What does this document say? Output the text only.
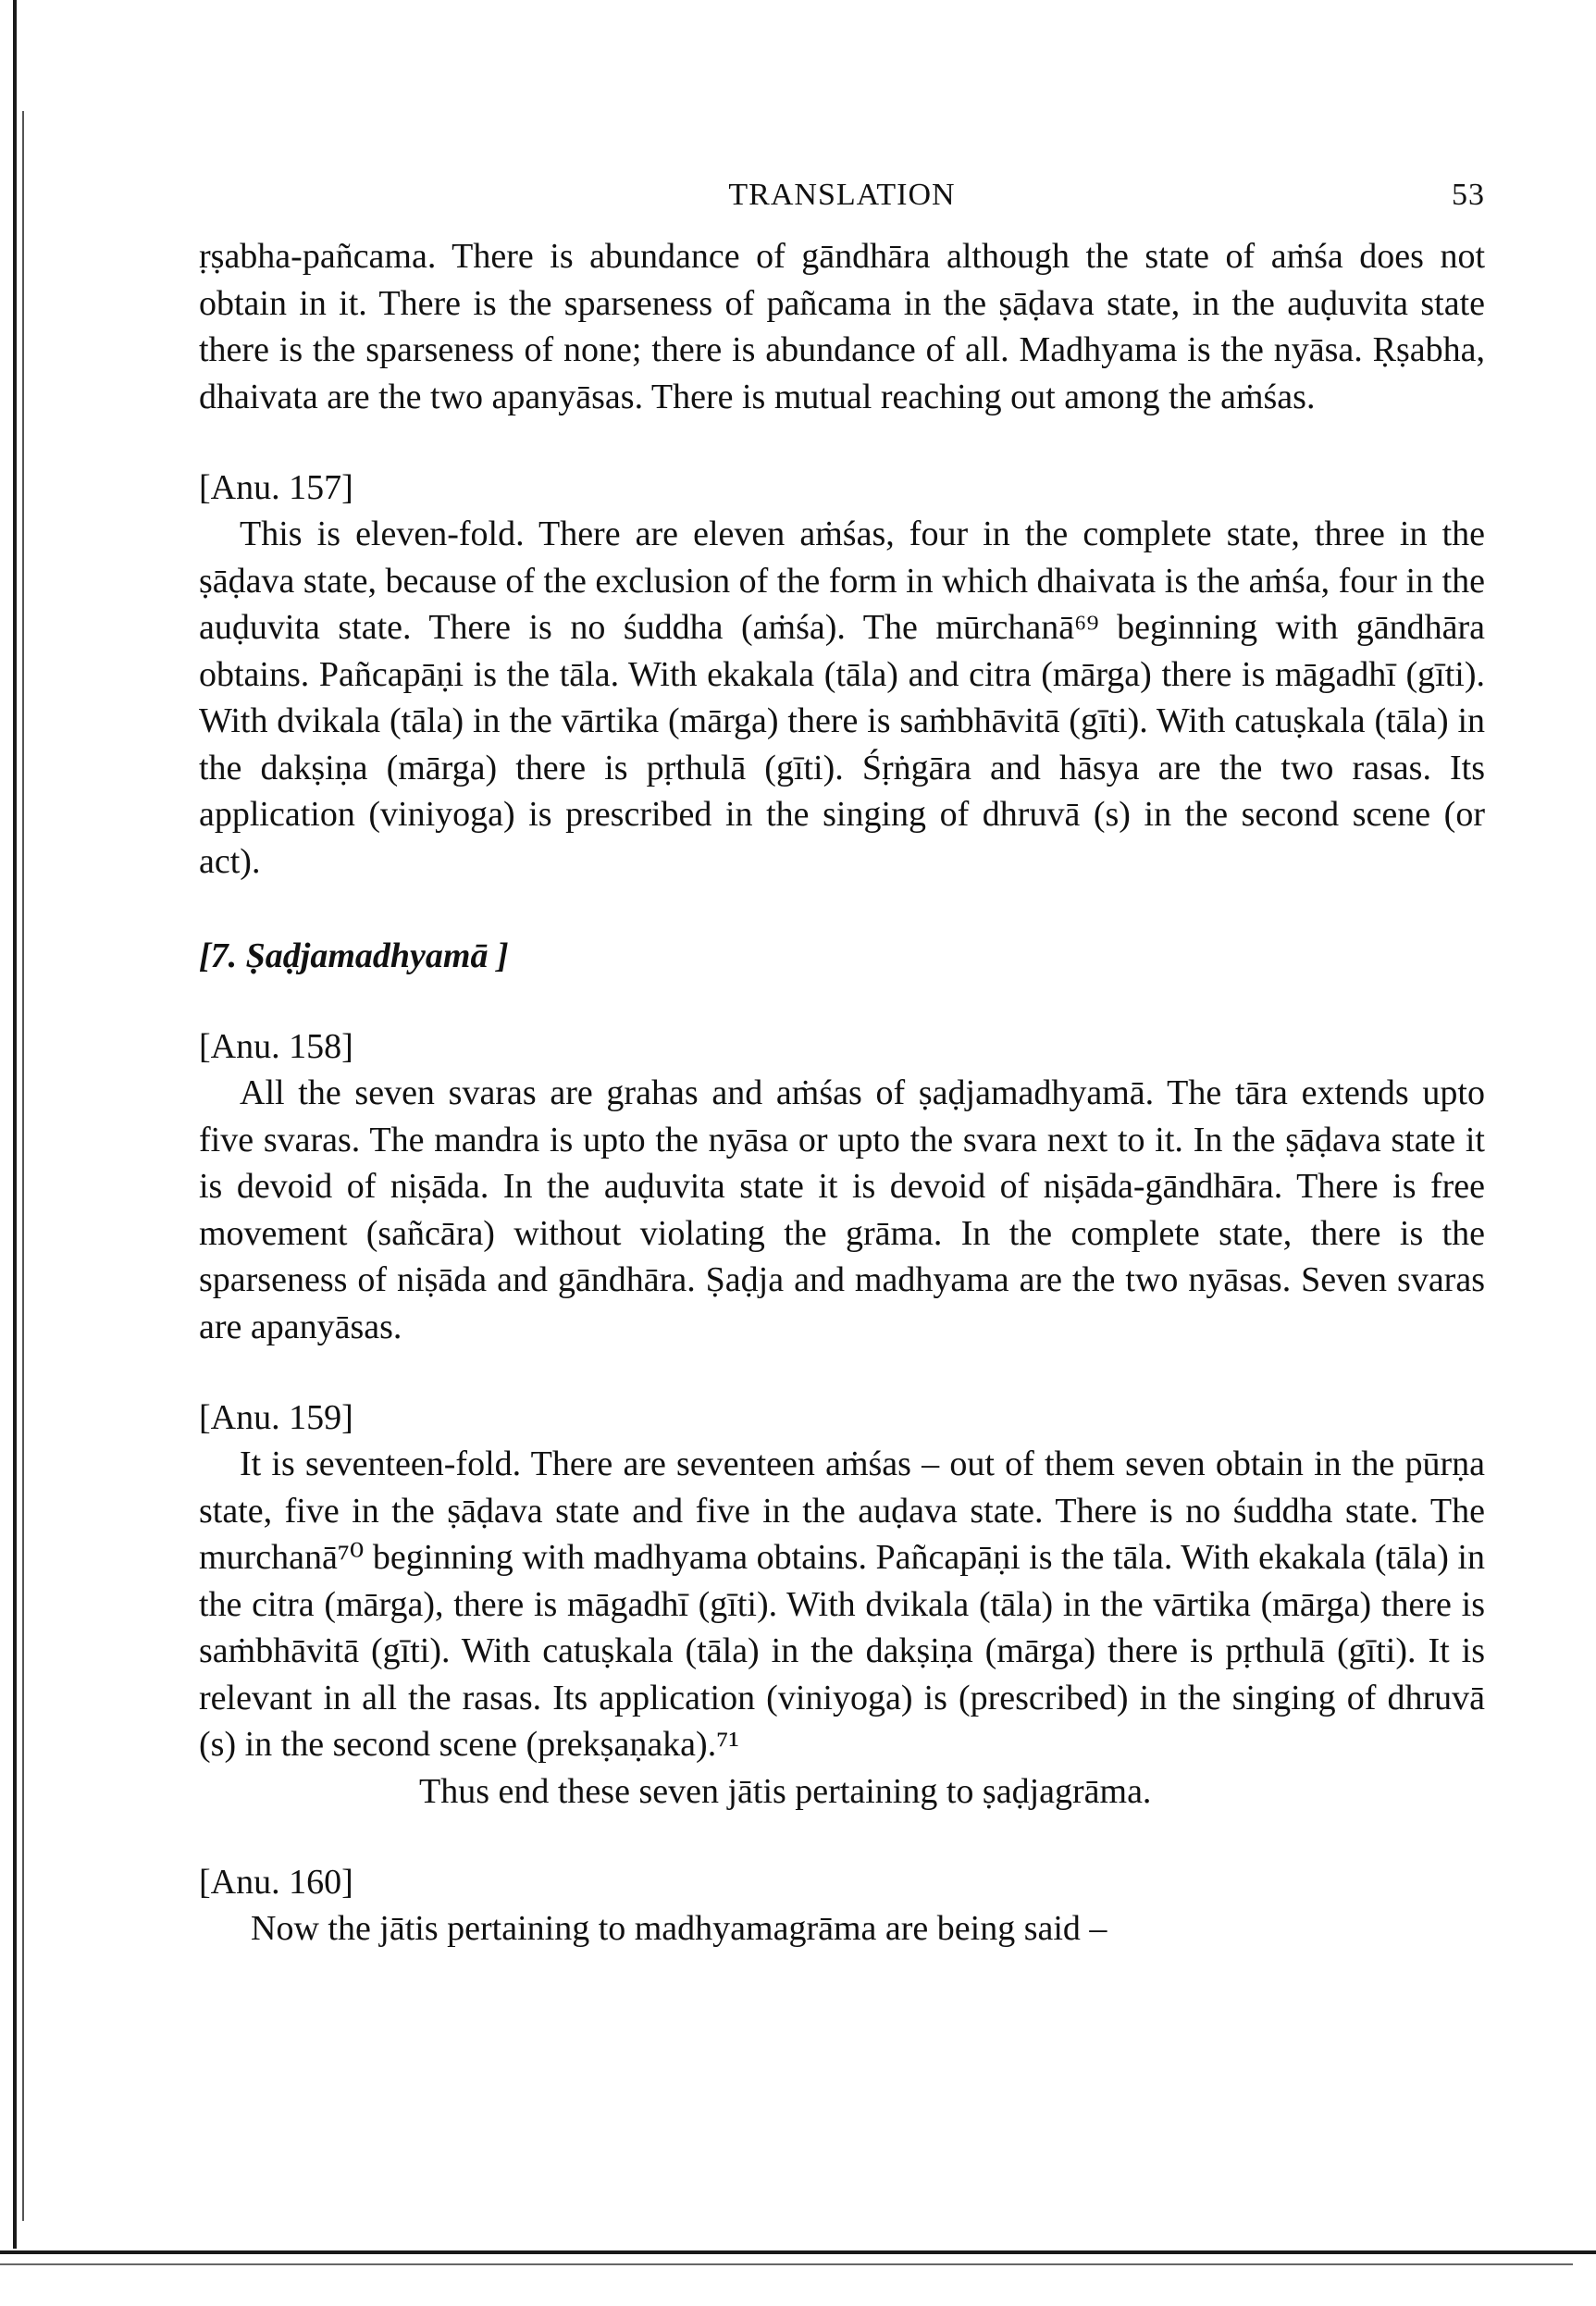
TRANSLATION	53

ṛṣabha-pañcama. There is abundance of gāndhāra although the state of aṁśa does not obtain in it. There is the sparseness of pañcama in the ṣāḍava state, in the auḍuvita state there is the sparseness of none; there is abundance of all. Madhyama is the nyāsa. Ṛṣabha, dhaivata are the two apanyāsas. There is mutual reaching out among the aṁśas.

[Anu. 157]

This is eleven-fold. There are eleven aṁśas, four in the complete state, three in the ṣāḍava state, because of the exclusion of the form in which dhaivata is the aṁśa, four in the auḍuvita state. There is no śuddha (aṁśa). The mūrchanā⁶⁹ beginning with gāndhāra obtains. Pañcapāṇi is the tāla. With ekakala (tāla) and citra (mārga) there is māgadhī (gīti). With dvikala (tāla) in the vārtika (mārga) there is saṁbhāvitā (gīti). With catuṣkala (tāla) in the dakṣiṇa (mārga) there is pṛthulā (gīti). Śṛṅgāra and hāsya are the two rasas. Its application (viniyoga) is prescribed in the singing of dhruvā (s) in the second scene (or act).

[7. Ṣaḍjamadhyamā ]

[Anu. 158]

All the seven svaras are grahas and aṁśas of ṣaḍjamadhyamā. The tāra extends upto five svaras. The mandra is upto the nyāsa or upto the svara next to it. In the ṣāḍava state it is devoid of niṣāda. In the auḍuvita state it is devoid of niṣāda-gāndhāra. There is free movement (sañcāra) without violating the grāma. In the complete state, there is the sparseness of niṣāda and gāndhāra. Ṣaḍja and madhyama are the two nyāsas. Seven svaras are apanyāsas.

[Anu. 159]

It is seventeen-fold. There are seventeen aṁśas – out of them seven obtain in the pūrṇa state, five in the ṣāḍava state and five in the auḍava state. There is no śuddha state. The murchanā⁷⁰ beginning with madhyama obtains. Pañcapāṇi is the tāla. With ekakala (tāla) in the citra (mārga), there is māgadhī (gīti). With dvikala (tāla) in the vārtika (mārga) there is saṁbhāvitā (gīti). With catuṣkala (tāla) in the dakṣiṇa (mārga) there is pṛthulā (gīti). It is relevant in all the rasas. Its application (viniyoga) is (prescribed) in the singing of dhruvā (s) in the second scene (prekṣaṇaka).⁷¹

Thus end these seven jātis pertaining to ṣaḍjagrāma.

[Anu. 160]

Now the jātis pertaining to madhyamagrāma are being said –
